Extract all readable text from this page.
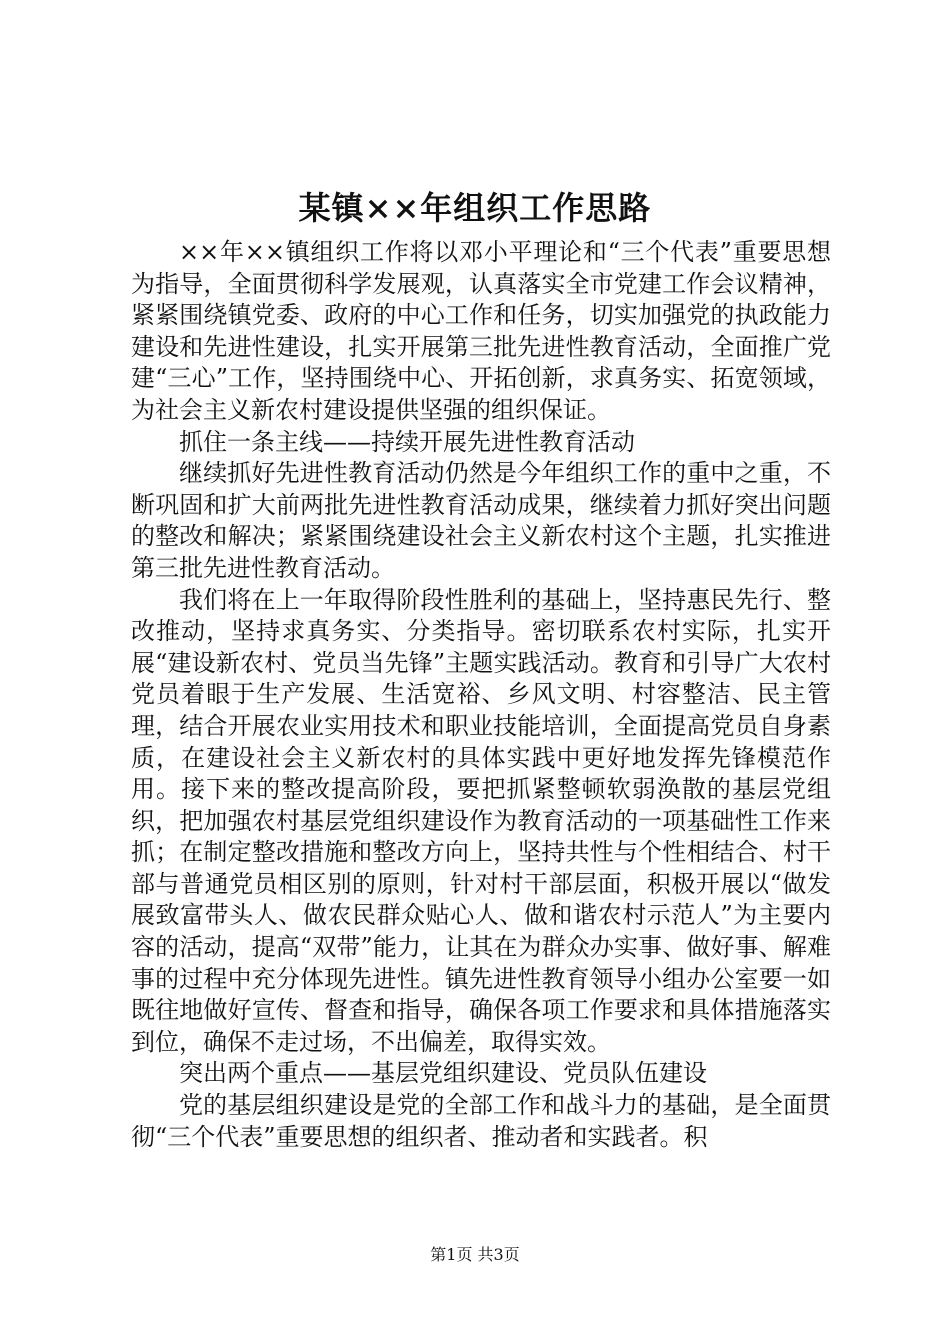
某镇××年组织工作思路

××年××镇组织工作将以邓小平理论和“三个代表”重要思想为指导，全面贯彻科学发展观，认真落实全市党建工作会议精神，紧紧围绕镇党委、政府的中心工作和任务，切实加强党的执政能力建设和先进性建设，扎实开展第三批先进性教育活动，全面推广党建“三心”工作，坚持围绕中心、开拓创新，求真务实、拓宽领域，为社会主义新农村建设提供坚强的组织保证。

抓住一条主线——持续开展先进性教育活动

继续抓好先进性教育活动仍然是今年组织工作的重中之重，不断巩固和扩大前两批先进性教育活动成果，继续着力抓好突出问题的整改和解决；紧紧围绕建设社会主义新农村这个主题，扎实推进第三批先进性教育活动。

我们将在上一年取得阶段性胜利的基础上，坚持惠民先行、整改推动，坚持求真务实、分类指导。密切联系农村实际，扎实开展“建设新农村、党员当先锋”主题实践活动。教育和引导广大农村党员着眼于生产发展、生活宽裕、乡风文明、村容整洁、民主管理，结合开展农业实用技术和职业技能培训，全面提高党员自身素质，在建设社会主义新农村的具体实践中更好地发挥先锋模范作用。接下来的整改提高阶段，要把抓紧整顿软弱涣散的基层党组织，把加强农村基层党组织建设作为教育活动的一项基础性工作来抓；在制定整改措施和整改方向上，坚持共性与个性相结合、村干部与普通党员相区别的原则，针对村干部层面，积极开展以“做发展致富带头人、做农民群众贴心人、做和谐农村示范人”为主要内容的活动，提高“双带”能力，让其在为群众办实事、做好事、解难事的过程中充分体现先进性。镇先进性教育领导小组办公室要一如既往地做好宣传、督查和指导，确保各项工作要求和具体措施落实到位，确保不走过场，不出偏差，取得实效。

突出两个重点——基层党组织建设、党员队伍建设

党的基层组织建设是党的全部工作和战斗力的基础，是全面贯彻“三个代表”重要思想的组织者、推动者和实践者。积

第1页 共3页
